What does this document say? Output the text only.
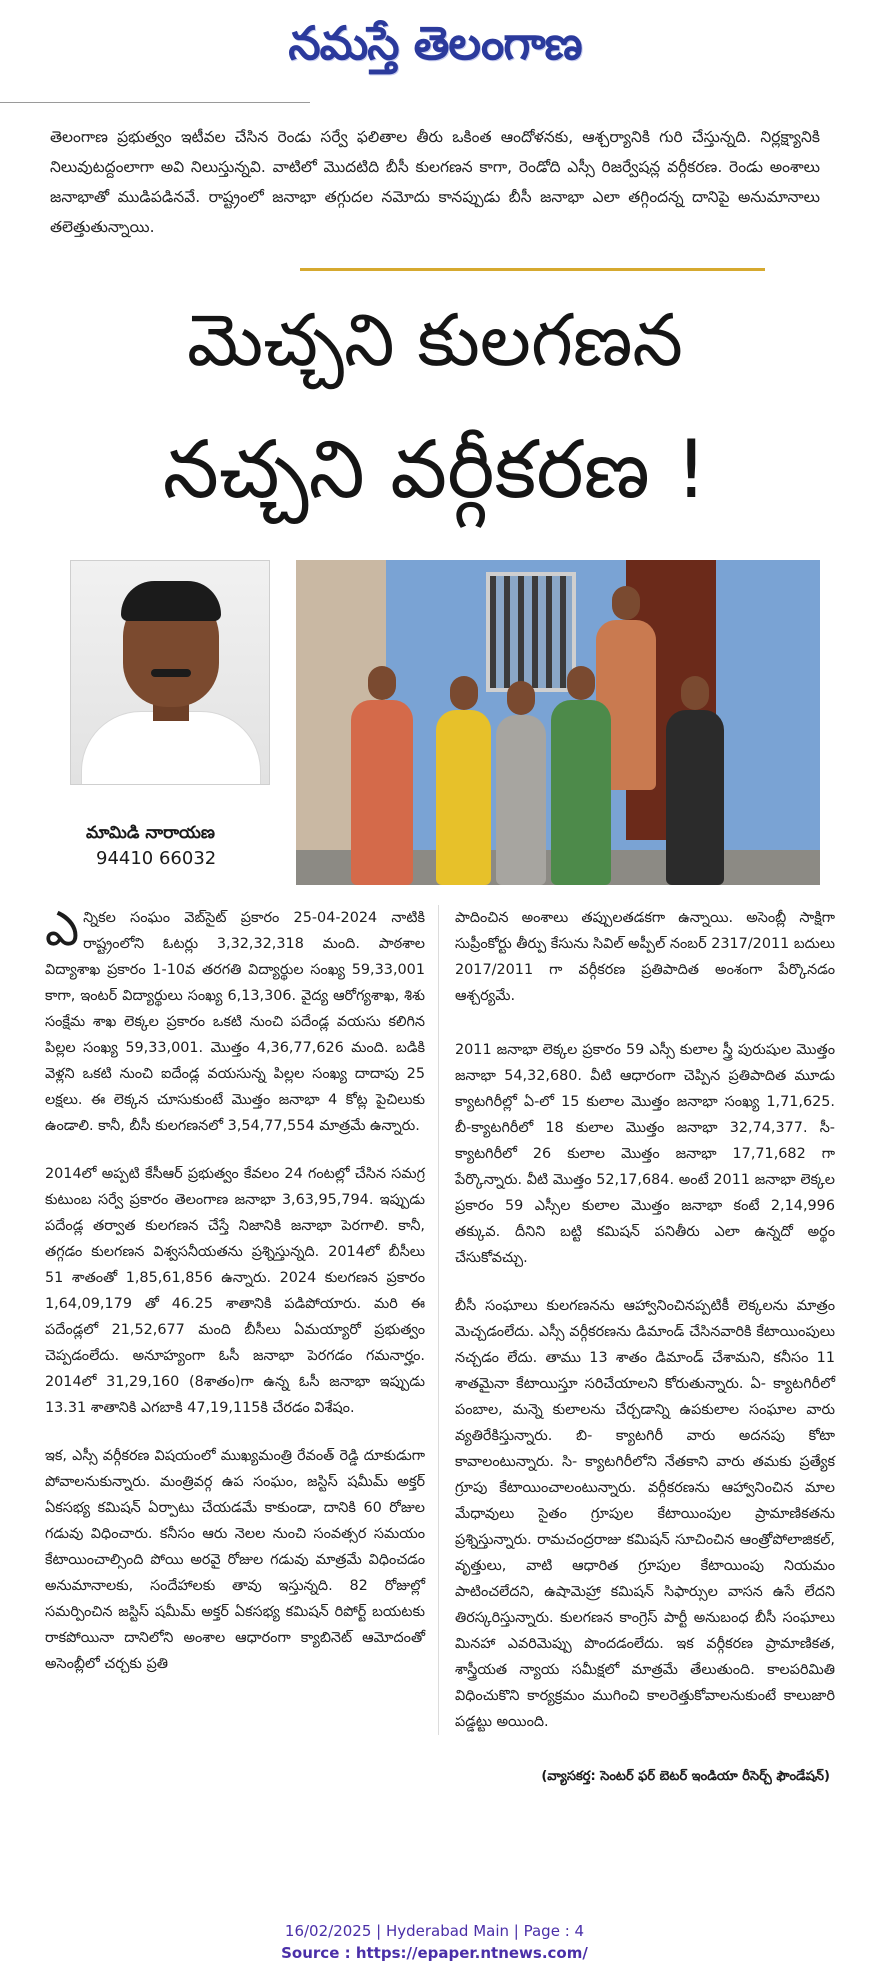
నమస్తే తెలంగాణ
తెలంగాణ ప్రభుత్వం ఇటీవల చేసిన రెండు సర్వే ఫలితాల తీరు ఒకింత ఆందోళనకు, ఆశ్చర్యానికి గురి చేస్తున్నది. నిర్లక్ష్యానికి నిలువుటద్దంలాగా అవి నిలుస్తున్నవి. వాటిలో మొదటిది బీసీ కులగణన కాగా, రెండోది ఎస్సీ రిజర్వేషన్ల వర్గీకరణ. రెండు అంశాలు జనాభాతో ముడిపడినవే. రాష్ట్రంలో జనాభా తగ్గుదల నమోదు కానప్పుడు బీసీ జనాభా ఎలా తగ్గిందన్న దానిపై అనుమానాలు తలెత్తుతున్నాయి.
మెచ్చని కులగణన
నచ్చని వర్గీకరణ !
మామిడి నారాయణ
94410 66032

ఎన్నికల సంఘం వెబ్‌సైట్ ప్రకారం 25-04-2024 నాటికి రాష్ట్రంలోని ఓటర్లు 3,32,32,318 మంది. పాఠశాల విద్యాశాఖ ప్రకారం 1-10వ తరగతి విద్యార్థుల సంఖ్య 59,33,001 కాగా, ఇంటర్ విద్యార్థులు సంఖ్య 6,13,306. వైద్య ఆరోగ్యశాఖ, శిశు సంక్షేమ శాఖ లెక్కల ప్రకారం ఒకటి నుంచి పదేండ్ల వయసు కలిగిన పిల్లల సంఖ్య 59,33,001. మొత్తం 4,36,77,626 మంది. బడికి వెళ్లని ఒకటి నుంచి ఐదేండ్ల వయసున్న పిల్లల సంఖ్య దాదాపు 25 లక్షలు. ఈ లెక్కన చూసుకుంటే మొత్తం జనాభా 4 కోట్ల పైచిలుకు ఉండాలి. కానీ, బీసీ కులగణనలో 3,54,77,554 మాత్రమే ఉన్నారు.

2014లో అప్పటి కేసీఆర్ ప్రభుత్వం కేవలం 24 గంటల్లో చేసిన సమగ్ర కుటుంబ సర్వే ప్రకారం తెలంగాణ జనాభా 3,63,95,794. ఇప్పుడు పదేండ్ల తర్వాత కులగణన చేస్తే నిజానికి జనాభా పెరగాలి. కానీ, తగ్గడం కులగణన విశ్వసనీయతను ప్రశ్నిస్తున్నది. 2014లో బీసీలు 51 శాతంతో 1,85,61,856 ఉన్నారు. 2024 కులగణన ప్రకారం 1,64,09,179 తో 46.25 శాతానికి పడిపోయారు. మరి ఈ పదేండ్లలో 21,52,677 మంది బీసీలు ఏమయ్యారో ప్రభుత్వం చెప్పడంలేదు. అనూహ్యంగా ఓసీ జనాభా పెరగడం గమనార్హం. 2014లో 31,29,160 (8శాతం)గా ఉన్న ఓసీ జనాభా ఇప్పుడు 13.31 శాతానికి ఎగబాకి 47,19,115కి చేరడం విశేషం.

ఇక, ఎస్సీ వర్గీకరణ విషయంలో ముఖ్యమంత్రి రేవంత్ రెడ్డి దూకుడుగా పోవాలనుకున్నారు. మంత్రివర్గ ఉప సంఘం, జస్టిస్ షమీమ్ అక్తర్ ఏకసభ్య కమిషన్ ఏర్పాటు చేయడమే కాకుండా, దానికి 60 రోజుల గడువు విధించారు. కనీసం ఆరు నెలల నుంచి సంవత్సర సమయం కేటాయించాల్సింది పోయి అరవై రోజుల గడువు మాత్రమే విధించడం అనుమానాలకు, సందేహాలకు తావు ఇస్తున్నది. 82 రోజుల్లో సమర్పించిన జస్టిస్ షమీమ్ అక్తర్ ఏకసభ్య కమిషన్ రిపోర్ట్ బయటకు రాకపోయినా దానిలోని అంశాల ఆధారంగా క్యాబినెట్ ఆమోదంతో అసెంబ్లీలో చర్చకు ప్రతి

పాదించిన అంశాలు తప్పులతడకగా ఉన్నాయి. అసెంబ్లీ సాక్షిగా సుప్రీంకోర్టు తీర్పు కేసును సివిల్ అప్పీల్ నంబర్ 2317/2011 బదులు 2017/2011 గా వర్గీకరణ ప్రతిపాదిత అంశంగా పేర్కొనడం ఆశ్చర్యమే.

2011 జనాభా లెక్కల ప్రకారం 59 ఎస్సీ కులాల స్త్రీ పురుషుల మొత్తం జనాభా 54,32,680. వీటి ఆధారంగా చెప్పిన ప్రతిపాదిత మూడు క్యాటగిరీల్లో ఏ-లో 15 కులాల మొత్తం జనాభా సంఖ్య 1,71,625. బీ-క్యాటగిరీలో 18 కులాల మొత్తం జనాభా 32,74,377. సీ- క్యాటగిరీలో 26 కులాల మొత్తం జనాభా 17,71,682 గా పేర్కొన్నారు. వీటి మొత్తం 52,17,684. అంటే 2011 జనాభా లెక్కల ప్రకారం 59 ఎస్సీల కులాల మొత్తం జనాభా కంటే 2,14,996 తక్కువ. దీనిని బట్టి కమిషన్ పనితీరు ఎలా ఉన్నదో అర్థం చేసుకోవచ్చు.

బీసీ సంఘాలు కులగణనను ఆహ్వానించినప్పటికీ లెక్కలను మాత్రం మెచ్చడంలేదు. ఎస్సీ వర్గీకరణను డిమాండ్ చేసినవారికి కేటాయింపులు నచ్చడం లేదు. తాము 13 శాతం డిమాండ్ చేశామని, కనీసం 11 శాతమైనా కేటాయిస్తూ సరిచేయాలని కోరుతున్నారు. ఏ- క్యాటగిరీలో పంబాల, మన్నె కులాలను చేర్చడాన్ని ఉపకులాల సంఘాల వారు వ్యతిరేకిస్తున్నారు. బి- క్యాటగిరీ వారు అదనపు కోటా కావాలంటున్నారు. సి- క్యాటగిరీలోని నేతకాని వారు తమకు ప్రత్యేక గ్రూపు కేటాయించాలంటున్నారు. వర్గీకరణను ఆహ్వానించిన మాల మేధావులు సైతం గ్రూపుల కేటాయింపుల ప్రామాణికతను ప్రశ్నిస్తున్నారు. రామచంద్రరాజు కమిషన్ సూచించిన ఆంత్రోపోలాజికల్, వృత్తులు, వాటి ఆధారిత గ్రూపుల కేటాయింపు నియమం పాటించలేదని, ఉషామెహ్రా కమిషన్ సిఫార్సుల వాసన ఉసే లేదని తిరస్కరిస్తున్నారు. కులగణన కాంగ్రెస్ పార్టీ అనుబంధ బీసీ సంఘాలు మినహా ఎవరిమెప్పు పొందడంలేదు. ఇక వర్గీకరణ ప్రామాణికత, శాస్త్రీయత న్యాయ సమీక్షలో మాత్రమే తేలుతుంది. కాలపరిమితి విధించుకొని కార్యక్రమం ముగించి కాలరెత్తుకోవాలనుకుంటే కాలుజారి పడ్డట్టు అయింది.

(వ్యాసకర్త: సెంటర్ ఫర్ బెటర్ ఇండియా రీసెర్చ్ ఫౌండేషన్)
16/02/2025 | Hyderabad Main | Page : 4
Source : https://epaper.ntnews.com/
